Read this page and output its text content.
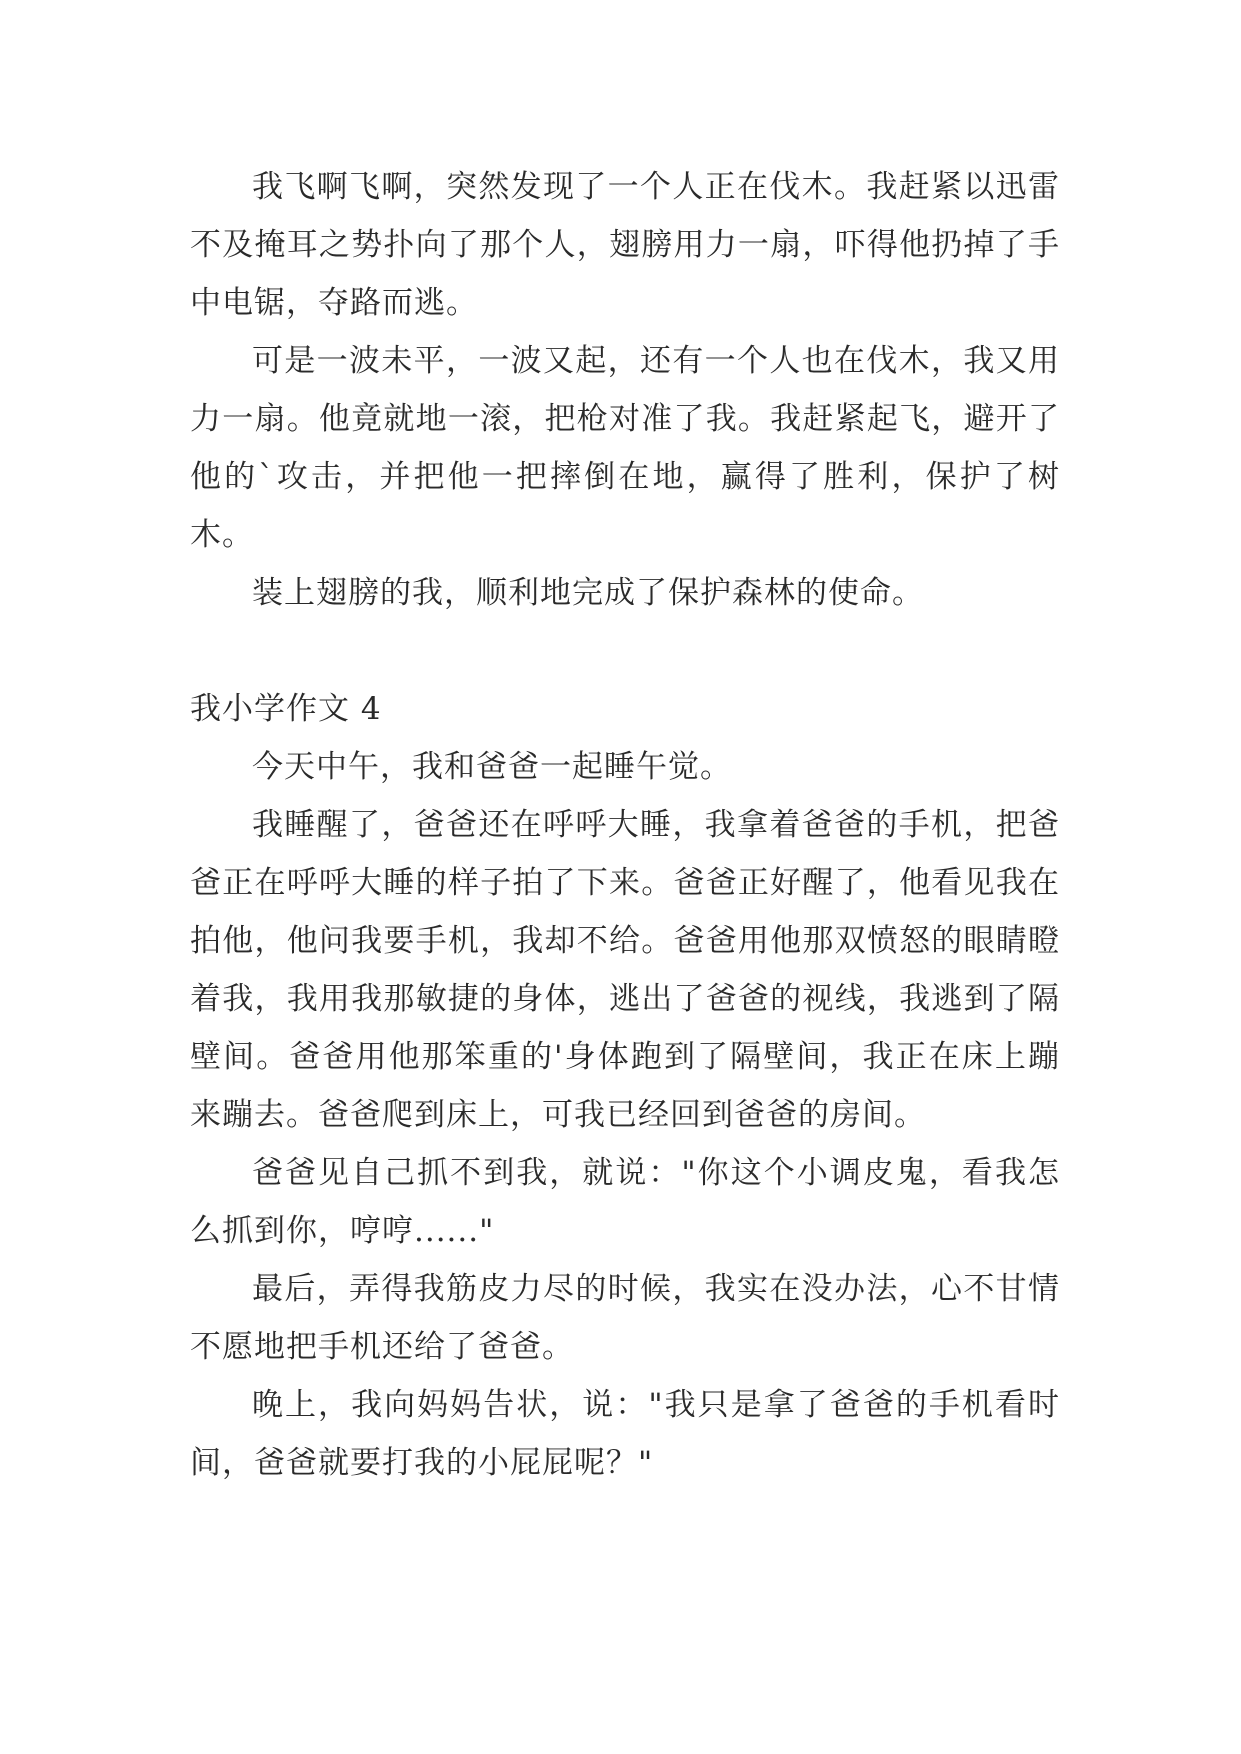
我飞啊飞啊，突然发现了一个人正在伐木。我赶紧以迅雷不及掩耳之势扑向了那个人，翅膀用力一扇，吓得他扔掉了手中电锯，夺路而逃。

可是一波未平，一波又起，还有一个人也在伐木，我又用力一扇。他竟就地一滚，把枪对准了我。我赶紧起飞，避开了他的`攻击，并把他一把摔倒在地，赢得了胜利，保护了树木。

装上翅膀的我，顺利地完成了保护森林的使命。

我小学作文 4

今天中午，我和爸爸一起睡午觉。

我睡醒了，爸爸还在呼呼大睡，我拿着爸爸的手机，把爸爸正在呼呼大睡的样子拍了下来。爸爸正好醒了，他看见我在拍他，他问我要手机，我却不给。爸爸用他那双愤怒的眼睛瞪着我，我用我那敏捷的身体，逃出了爸爸的视线，我逃到了隔壁间。爸爸用他那笨重的'身体跑到了隔壁间，我正在床上蹦来蹦去。爸爸爬到床上，可我已经回到爸爸的房间。

爸爸见自己抓不到我，就说："你这个小调皮鬼，看我怎么抓到你，哼哼......"

最后，弄得我筋皮力尽的时候，我实在没办法，心不甘情不愿地把手机还给了爸爸。

晚上，我向妈妈告状，说："我只是拿了爸爸的手机看时间，爸爸就要打我的小屁屁呢？"
